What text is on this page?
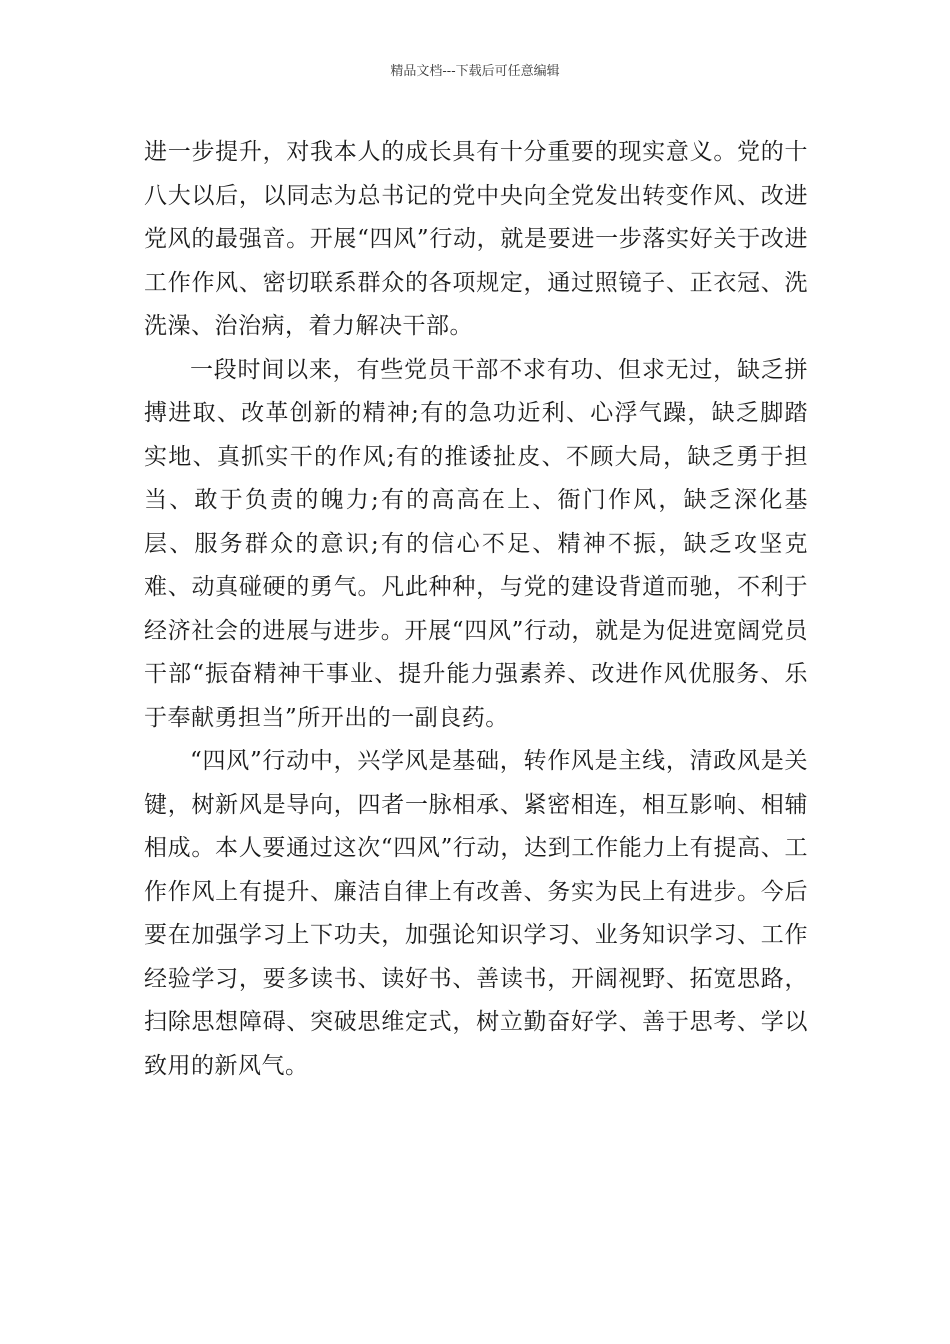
精品文档---下载后可任意编辑

进一步提升，对我本人的成长具有十分重要的现实意义。党的十八大以后，以同志为总书记的党中央向全党发出转变作风、改进党风的最强音。开展“四风”行动，就是要进一步落实好关于改进工作作风、密切联系群众的各项规定，通过照镜子、正衣冠、洗洗澡、治治病，着力解决干部。

一段时间以来，有些党员干部不求有功、但求无过，缺乏拼搏进取、改革创新的精神;有的急功近利、心浮气躁，缺乏脚踏实地、真抓实干的作风;有的推诿扯皮、不顾大局，缺乏勇于担当、敢于负责的魄力;有的高高在上、衙门作风，缺乏深化基层、服务群众的意识;有的信心不足、精神不振，缺乏攻坚克难、动真碰硬的勇气。凡此种种，与党的建设背道而驰，不利于经济社会的进展与进步。开展“四风”行动，就是为促进宽阔党员干部“振奋精神干事业、提升能力强素养、改进作风优服务、乐于奉献勇担当”所开出的一副良药。

“四风”行动中，兴学风是基础，转作风是主线，清政风是关键，树新风是导向，四者一脉相承、紧密相连，相互影响、相辅相成。本人要通过这次“四风”行动，达到工作能力上有提高、工作作风上有提升、廉洁自律上有改善、务实为民上有进步。今后要在加强学习上下功夫，加强论知识学习、业务知识学习、工作经验学习，要多读书、读好书、善读书，开阔视野、拓宽思路，扫除思想障碍、突破思维定式，树立勤奋好学、善于思考、学以致用的新风气。
